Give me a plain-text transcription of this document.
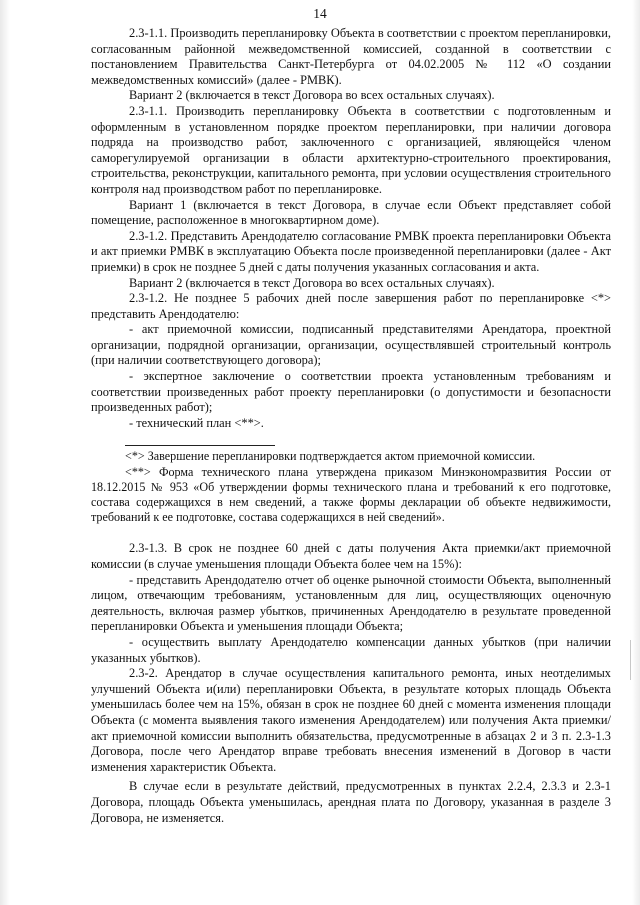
14

2.3-1.1. Производить перепланировку Объекта в соответствии с проектом перепланировки, согласованным районной межведомственной комиссией, созданной в соответствии с постановлением Правительства Санкт-Петербурга от 04.02.2005 № 112 «О создании межведомственных комиссий» (далее - РМВК).

Вариант 2 (включается в текст Договора во всех остальных случаях).

2.3-1.1. Производить перепланировку Объекта в соответствии с подготовленным и оформленным в установленном порядке проектом перепланировки, при наличии договора подряда на производство работ, заключенного с организацией, являющейся членом саморегулируемой организации в области архитектурно-строительного проектирования, строительства, реконструкции, капитального ремонта, при условии осуществления строительного контроля над производством работ по перепланировке.

Вариант 1 (включается в текст Договора, в случае если Объект представляет собой помещение, расположенное в многоквартирном доме).

2.3-1.2. Представить Арендодателю согласование РМВК проекта перепланировки Объекта и акт приемки РМВК в эксплуатацию Объекта после произведенной перепланировки (далее - Акт приемки) в срок не позднее 5 дней с даты получения указанных согласования и акта.

Вариант 2 (включается в текст Договора во всех остальных случаях).

2.3-1.2. Не позднее 5 рабочих дней после завершения работ по перепланировке <*> представить Арендодателю:

- акт приемочной комиссии, подписанный представителями Арендатора, проектной организации, подрядной организации, организации, осуществлявшей строительный контроль (при наличии соответствующего договора);

- экспертное заключение о соответствии проекта установленным требованиям и соответствии произведенных работ проекту перепланировки (о допустимости и безопасности произведенных работ);

- технический план <**>.

<*> Завершение перепланировки подтверждается актом приемочной комиссии.

<**> Форма технического плана утверждена приказом Минэкономразвития России от 18.12.2015 № 953 «Об утверждении формы технического плана и требований к его подготовке, состава содержащихся в нем сведений, а также формы декларации об объекте недвижимости, требований к ее подготовке, состава содержащихся в ней сведений».

2.3-1.3. В срок не позднее 60 дней с даты получения Акта приемки/акт приемочной комиссии (в случае уменьшения площади Объекта более чем на 15%):

- представить Арендодателю отчет об оценке рыночной стоимости Объекта, выполненный лицом, отвечающим требованиям, установленным для лиц, осуществляющих оценочную деятельность, включая размер убытков, причиненных Арендодателю в результате проведенной перепланировки Объекта и уменьшения площади Объекта;

- осуществить выплату Арендодателю компенсации данных убытков (при наличии указанных убытков).

2.3-2. Арендатор в случае осуществления капитального ремонта, иных неотделимых улучшений Объекта и(или) перепланировки Объекта, в результате которых площадь Объекта уменьшилась более чем на 15%, обязан в срок не позднее 60 дней с момента изменения площади Объекта (с момента выявления такого изменения Арендодателем) или получения Акта приемки/акт приемочной комиссии выполнить обязательства, предусмотренные в абзацах 2 и 3 п. 2.3-1.3 Договора, после чего Арендатор вправе требовать внесения изменений в Договор в части изменения характеристик Объекта.

В случае если в результате действий, предусмотренных в пунктах 2.2.4, 2.3.3 и 2.3-1 Договора, площадь Объекта уменьшилась, арендная плата по Договору, указанная в разделе 3 Договора, не изменяется.
